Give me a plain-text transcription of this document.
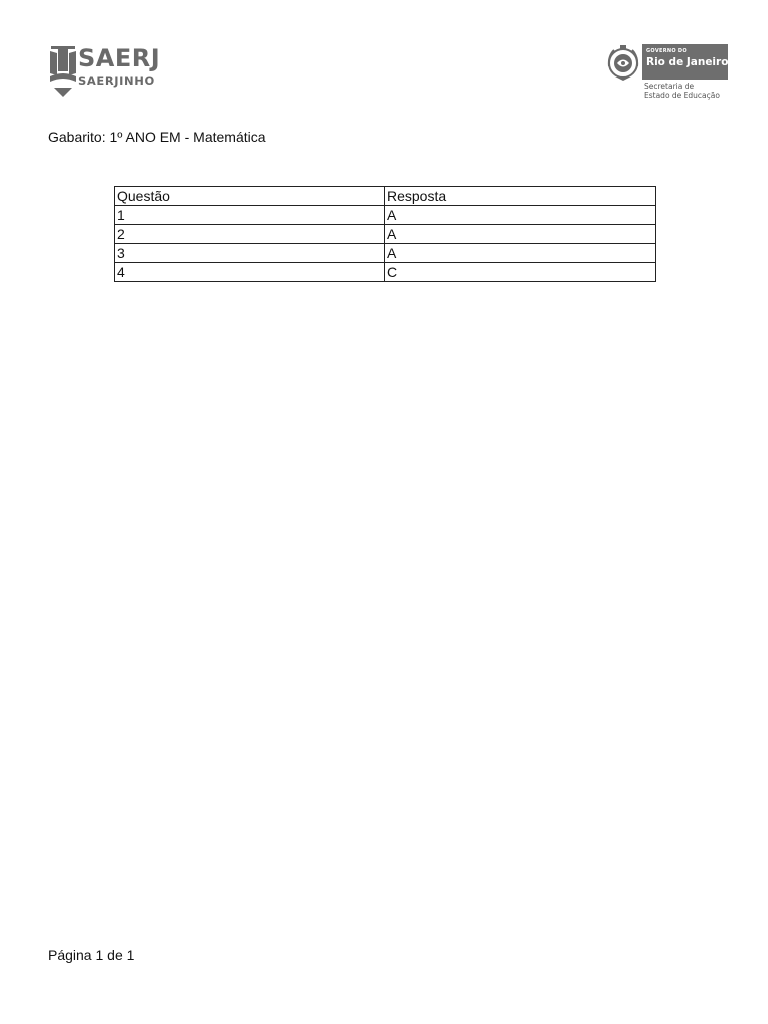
SAERJ
SAERJINHO
GOVERNO DO
Rio de Janeiro
Secretaria de
Estado de Educação
Gabarito: 1º ANO EM - Matemática
Questão	Resposta
1	A
2	A
3	A
4	C
Página 1 de 1
